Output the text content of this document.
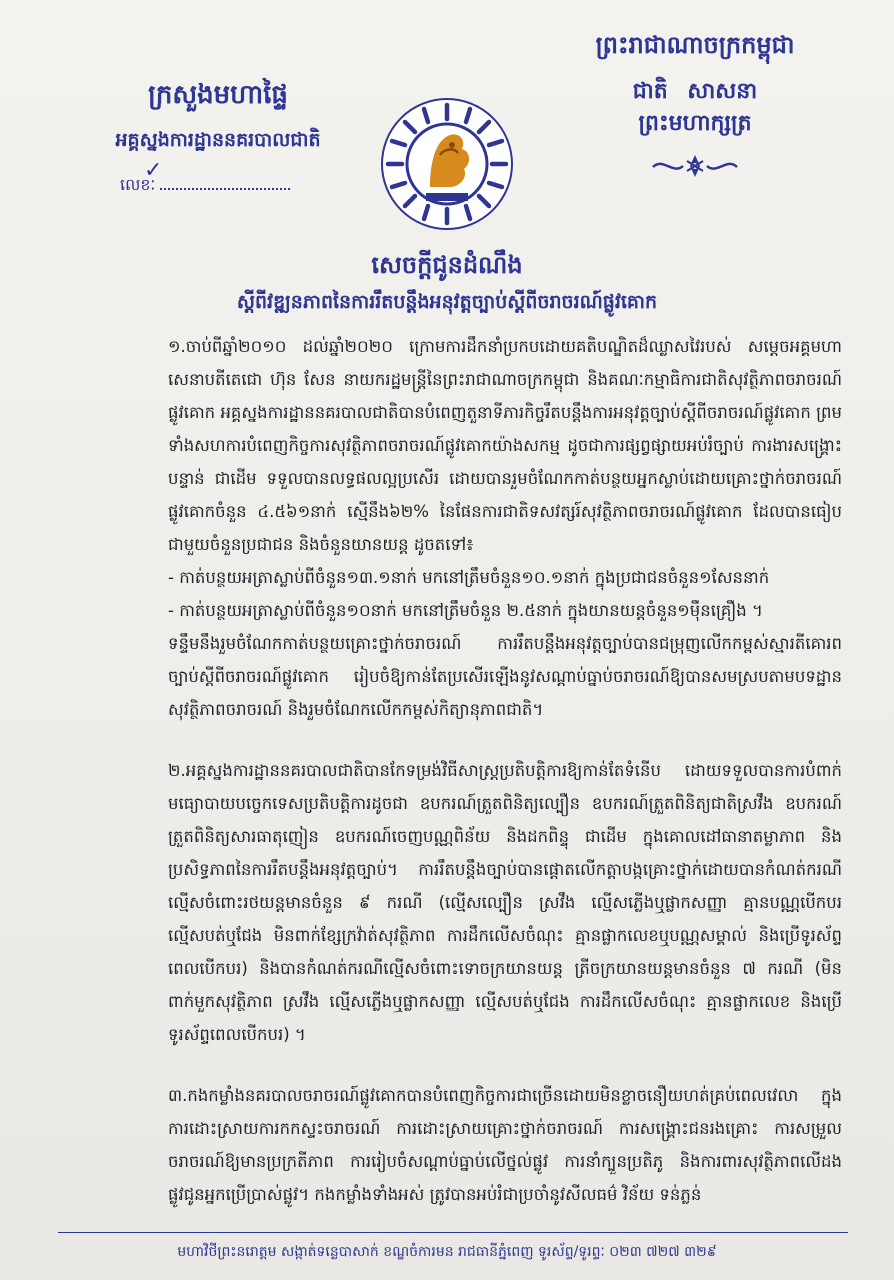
ក្រសួងមហាផ្ទៃ
អគ្គស្នងការដ្ឋាននគរបាលជាតិ
លេខៈ
✓
ព្រះរាជាណាចក្រកម្ពុជា
ជាតិ សាសនា ព្រះមហាក្សត្រ
សេចក្តីជូនដំណឹង
ស្តីពីវឌ្ឍនភាពនៃការរឹតបន្តឹងអនុវត្តច្បាប់ស្តីពីចរាចរណ៍ផ្លូវគោក

១.ចាប់ពីឆ្នាំ២០១០ ដល់ឆ្នាំ២០២០ ក្រោមការដឹកនាំប្រកបដោយគតិបណ្ឌិតដ៏ឈ្លាសវៃរបស់ សម្តេចអគ្គមហាសេនាបតីតេជោ ហ៊ុន សែន នាយករដ្ឋមន្ត្រីនៃព្រះរាជាណាចក្រកម្ពុជា និងគណៈកម្មាធិការជាតិសុវត្ថិភាពចរាចរណ៍ផ្លូវគោក អគ្គស្នងការដ្ឋាននគរបាលជាតិបានបំពេញតួនាទីភារកិច្ចរឹតបន្តឹងការអនុវត្តច្បាប់ស្តីពីចរាចរណ៍ផ្លូវគោក ព្រមទាំងសហការបំពេញកិច្ចការសុវត្ថិភាពចរាចរណ៍ផ្លូវគោកយ៉ាងសកម្ម ដូចជាការផ្សព្វផ្សាយអប់រំច្បាប់ ការងារសង្គ្រោះបន្ទាន់ ជាដើម ទទួលបានលទ្ធផលល្អប្រសើរ ដោយបានរួមចំណែកកាត់បន្ថយអ្នកស្លាប់ដោយគ្រោះថ្នាក់ចរាចរណ៍ផ្លូវគោកចំនួន ៤.៥៦១នាក់ ស្មើនឹង៦២% នៃផែនការជាតិទសវត្សរ៍សុវត្ថិភាពចរាចរណ៍ផ្លូវគោក ដែលបានធៀបជាមួយចំនួនប្រជាជន និងចំនួនយានយន្ត ដូចតទៅ៖

- កាត់បន្ថយអត្រាស្លាប់ពីចំនួន១៣.១នាក់ មកនៅត្រឹមចំនួន១០.១នាក់ ក្នុងប្រជាជនចំនួន១សែននាក់

- កាត់បន្ថយអត្រាស្លាប់ពីចំនួន១០នាក់ មកនៅត្រឹមចំនួន ២.៥នាក់ ក្នុងយានយន្តចំនួន១ម៉ឺនគ្រឿង ។

ទន្ទឹមនឹងរួមចំណែកកាត់បន្ថយគ្រោះថ្នាក់ចរាចរណ៍ ការរឹតបន្តឹងអនុវត្តច្បាប់បានជម្រុញលើកកម្ពស់ស្មារតីគោរពច្បាប់ស្តីពីចរាចរណ៍ផ្លូវគោក រៀបចំឱ្យកាន់តែប្រសើរឡើងនូវសណ្តាប់ធ្នាប់ចរាចរណ៍ឱ្យបានសមស្របតាមបទដ្ឋានសុវត្ថិភាពចរាចរណ៍ និងរួមចំណែកលើកកម្ពស់កិត្យានុភាពជាតិ។

២.អគ្គស្នងការដ្ឋាននគរបាលជាតិបានកែទម្រង់វិធីសាស្ត្រប្រតិបត្តិការឱ្យកាន់តែទំនើប ដោយទទួលបានការបំពាក់មធ្យោបាយបច្ចេកទេសប្រតិបត្តិការដូចជា ឧបករណ៍ត្រួតពិនិត្យល្បឿន ឧបករណ៍ត្រួតពិនិត្យជាតិស្រវឹង ឧបករណ៍ត្រួតពិនិត្យសារធាតុញៀន ឧបករណ៍ចេញបណ្ណពិន័យ និងដកពិន្ទុ ជាដើម ក្នុងគោលដៅធានាតម្លាភាព និងប្រសិទ្ធភាពនៃការរឹតបន្តឹងអនុវត្តច្បាប់។ ការរឹតបន្តឹងច្បាប់បានផ្តោតលើកត្តាបង្កគ្រោះថ្នាក់ដោយបានកំណត់ករណីល្មើសចំពោះរថយន្តមានចំនួន ៩ ករណី (ល្មើសល្បឿន ស្រវឹង ល្មើសភ្លើងឬផ្លាកសញ្ញា គ្មានបណ្ណបើកបរ ល្មើសបត់ឬជែង មិនពាក់ខ្សែក្រវ៉ាត់សុវត្ថិភាព ការដឹកលើសចំណុះ គ្មានផ្លាកលេខឬបណ្ណសម្គាល់ និងប្រើទូរស័ព្ទពេលបើកបរ) និងបានកំណត់ករណីល្មើសចំពោះទោចក្រយានយន្ត ត្រីចក្រយានយន្តមានចំនួន ៧ ករណី (មិនពាក់មួកសុវត្ថិភាព ស្រវឹង ល្មើសភ្លើងឬផ្លាកសញ្ញា ល្មើសបត់ឬជែង ការដឹកលើសចំណុះ គ្មានផ្លាកលេខ និងប្រើទូរស័ព្ទពេលបើកបរ) ។

៣.កងកម្លាំងនគរបាលចរាចរណ៍ផ្លូវគោកបានបំពេញកិច្ចការជាច្រើនដោយមិនខ្លាចនឿយហត់គ្រប់ពេលវេលា ក្នុងការដោះស្រាយការកកស្ទះចរាចរណ៍ ការដោះស្រាយគ្រោះថ្នាក់ចរាចរណ៍ ការសង្គ្រោះជនរងគ្រោះ ការសម្រួលចរាចរណ៍ឱ្យមានប្រក្រតីភាព ការរៀបចំសណ្តាប់ធ្នាប់លើថ្នល់ផ្លូវ ការនាំក្បួនប្រតិភូ និងការពារសុវត្ថិភាពលើដងផ្លូវជូនអ្នកប្រើប្រាស់ផ្លូវ។ កងកម្លាំងទាំងអស់ ត្រូវបានអប់រំជាប្រចាំនូវសីលធម៌ វិន័យ ទន់ភ្លន់

មហាវិថីព្រះនរោត្តម សង្កាត់ទន្លេបាសាក់ ខណ្ឌចំការមន រាជធានីភ្នំពេញ ទូរស័ព្ទ/ទូរព្ទៈ ០២៣ ៧២៧ ៣២៩
